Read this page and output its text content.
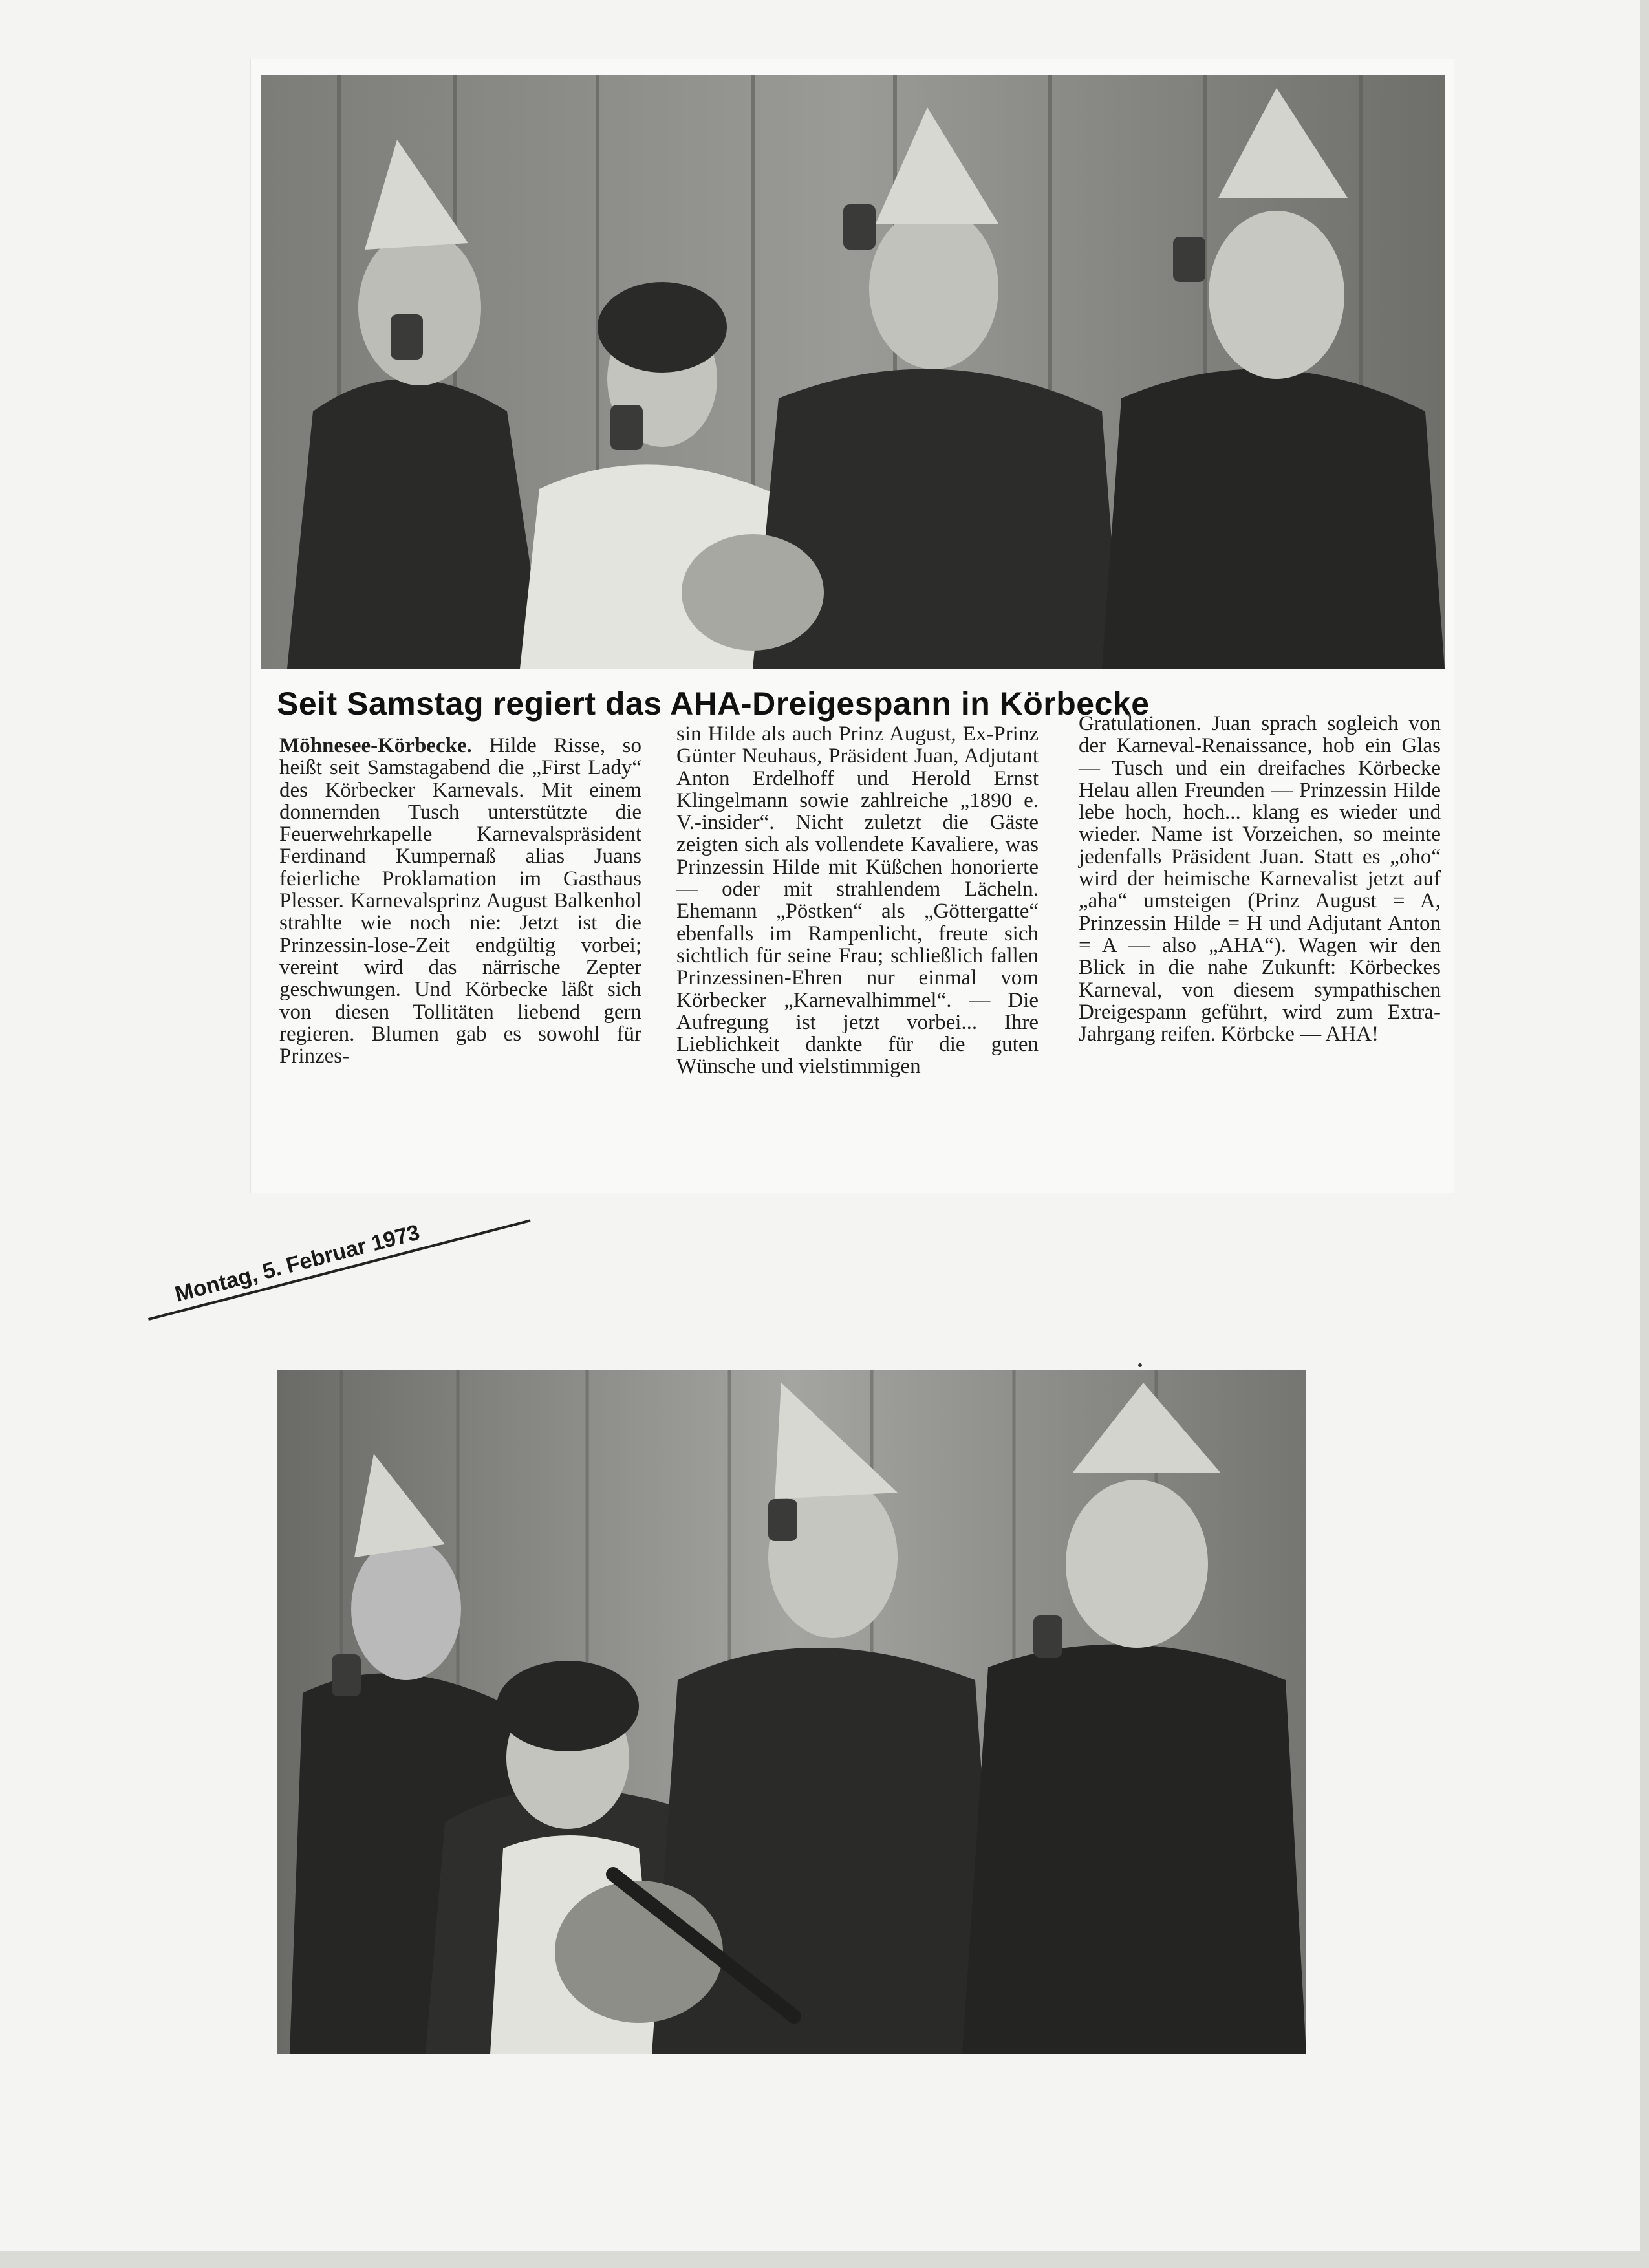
Seit Samstag regiert das AHA-Dreigespann in Körbecke

Möhnesee-Körbecke. Hilde Risse, so heißt seit Samstagabend die „First Lady“ des Körbecker Karnevals. Mit einem donnernden Tusch unterstützte die Feuerwehrkapelle Karnevalspräsident Ferdinand Kumpernaß alias Juans feierliche Proklamation im Gasthaus Plesser. Karnevalsprinz August Balkenhol strahlte wie noch nie: Jetzt ist die Prinzessin-lose-Zeit endgültig vorbei; vereint wird das närrische Zepter geschwungen. Und Körbecke läßt sich von diesen Tollitäten liebend gern regieren. Blumen gab es sowohl für Prinzes-

sin Hilde als auch Prinz August, Ex-Prinz Günter Neuhaus, Präsident Juan, Adjutant Anton Erdelhoff und Herold Ernst Klingelmann sowie zahlreiche „1890 e. V.-insider“. Nicht zuletzt die Gäste zeigten sich als vollendete Kavaliere, was Prinzessin Hilde mit Küßchen honorierte — oder mit strahlendem Lächeln. Ehemann „Pöstken“ als „Göttergatte“ ebenfalls im Rampenlicht, freute sich sichtlich für seine Frau; schließlich fallen Prinzessinen-Ehren nur einmal vom Körbecker „Karnevalhimmel“. — Die Aufregung ist jetzt vorbei... Ihre Lieblichkeit dankte für die guten Wünsche und vielstimmigen

Gratulationen. Juan sprach sogleich von der Karneval-Renaissance, hob ein Glas — Tusch und ein dreifaches Körbecke Helau allen Freunden — Prinzessin Hilde lebe hoch, hoch... klang es wieder und wieder. Name ist Vorzeichen, so meinte jedenfalls Präsident Juan. Statt es „oho“ wird der heimische Karnevalist jetzt auf „aha“ umsteigen (Prinz August = A, Prinzessin Hilde = H und Adjutant Anton = A — also „AHA“). Wagen wir den Blick in die nahe Zukunft: Körbeckes Karneval, von diesem sympathischen Dreigespann geführt, wird zum Extra-Jahrgang reifen. Körbcke — AHA!

Montag, 5. Februar 1973
